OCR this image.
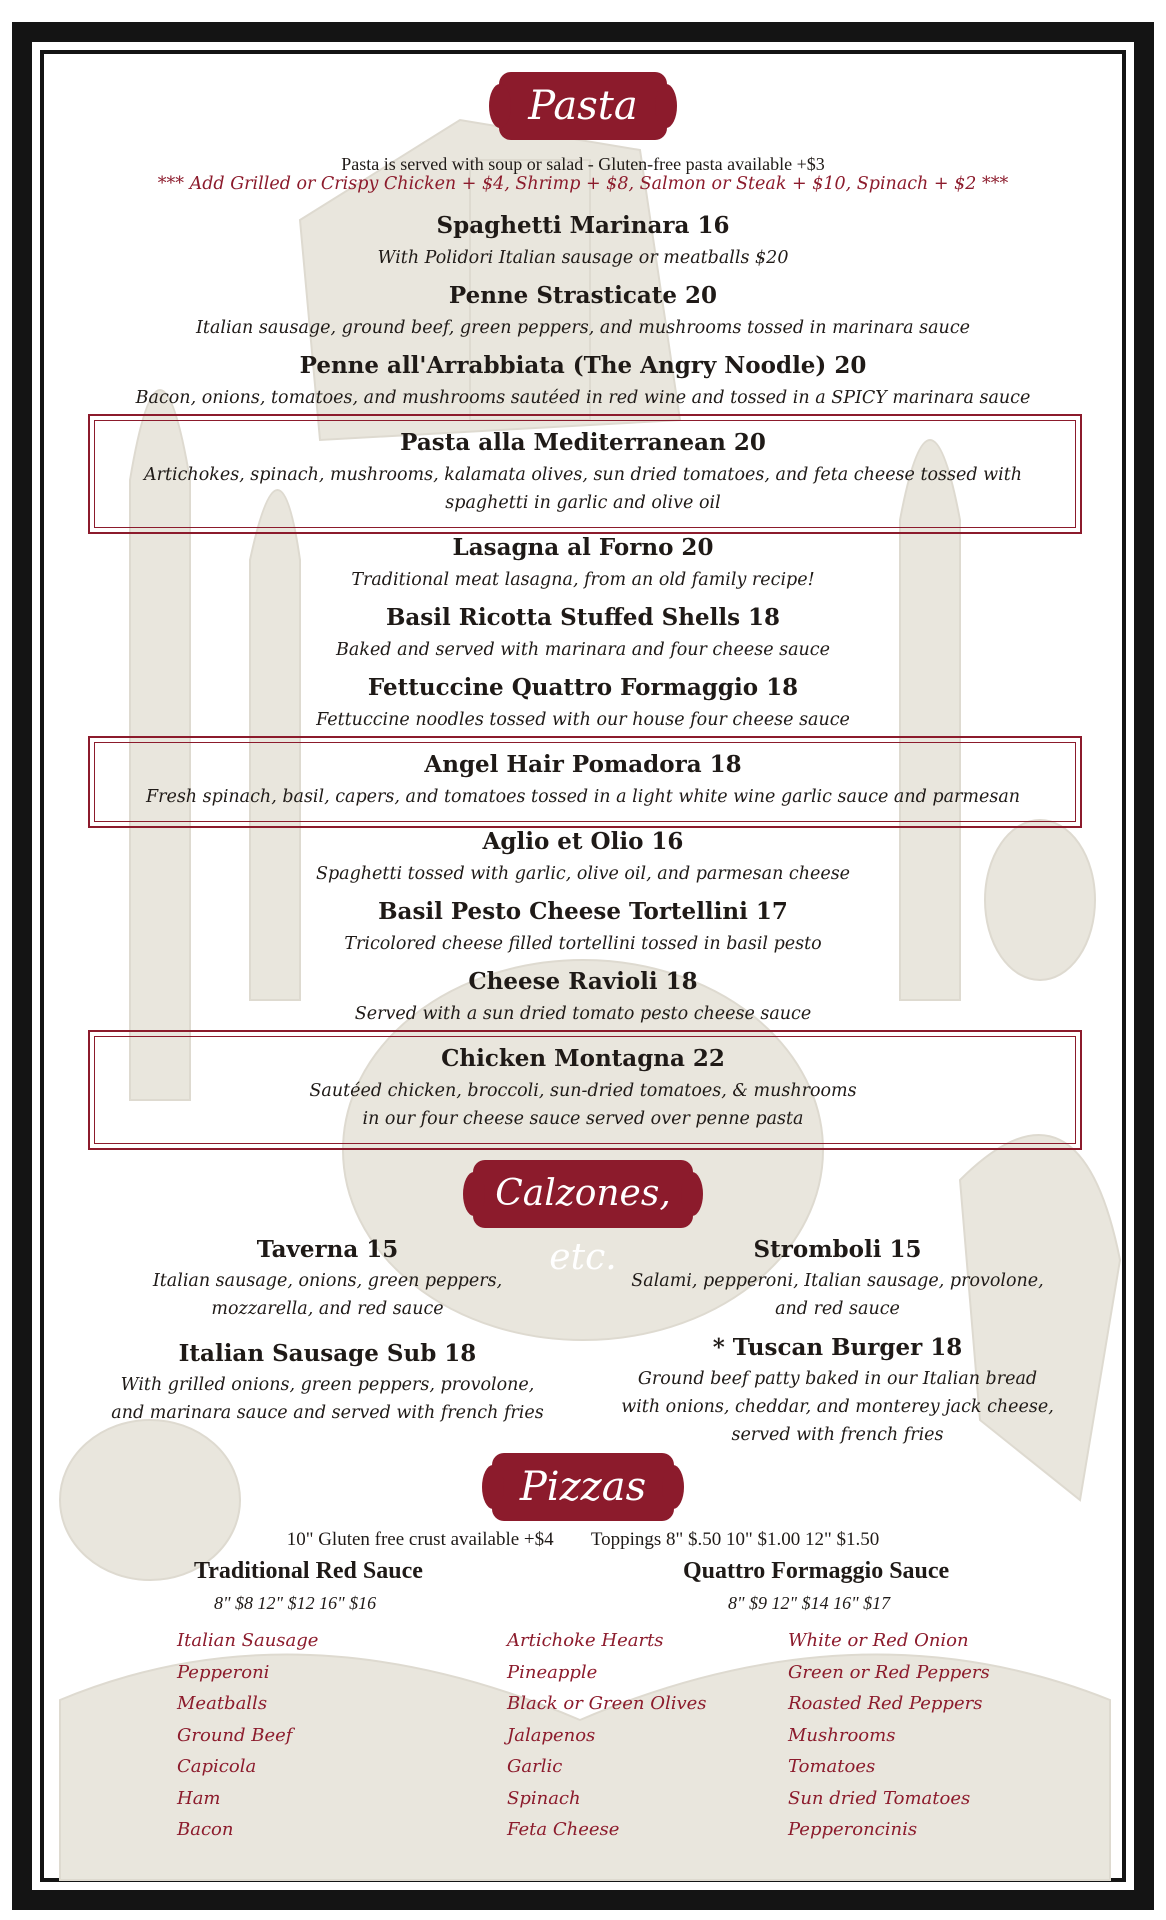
Pasta
Pasta is served with soup or salad - Gluten-free pasta available +$3
*** Add Grilled or Crispy Chicken + $4, Shrimp + $8, Salmon or Steak + $10, Spinach + $2 ***
Spaghetti Marinara 16
With Polidori Italian sausage or meatballs $20
Penne Strasticate 20
Italian sausage, ground beef, green peppers, and mushrooms tossed in marinara sauce
Penne all'Arrabbiata (The Angry Noodle) 20
Bacon, onions, tomatoes, and mushrooms sautéed in red wine and tossed in a SPICY marinara sauce
Pasta alla Mediterranean 20
Artichokes, spinach, mushrooms, kalamata olives, sun dried tomatoes, and feta cheese tossed with
spaghetti in garlic and olive oil
Lasagna al Forno 20
Traditional meat lasagna, from an old family recipe!
Basil Ricotta Stuffed Shells 18
Baked and served with marinara and four cheese sauce
Fettuccine Quattro Formaggio 18
Fettuccine noodles tossed with our house four cheese sauce
Angel Hair Pomadora 18
Fresh spinach, basil, capers, and tomatoes tossed in a light white wine garlic sauce and parmesan
Aglio et Olio 16
Spaghetti tossed with garlic, olive oil, and parmesan cheese
Basil Pesto Cheese Tortellini 17
Tricolored cheese filled tortellini tossed in basil pesto
Cheese Ravioli 18
Served with a sun dried tomato pesto cheese sauce
Chicken Montagna 22
Sautéed chicken, broccoli, sun-dried tomatoes, & mushrooms
in our four cheese sauce served over penne pasta
Calzones, etc.
Taverna 15
Italian sausage, onions, green peppers,
mozzarella, and red sauce
Stromboli 15
Salami, pepperoni, Italian sausage, provolone,
and red sauce
Italian Sausage Sub 18
With grilled onions, green peppers, provolone,
and marinara sauce and served with french fries
* Tuscan Burger 18
Ground beef patty baked in our Italian bread
with onions, cheddar, and monterey jack cheese,
served with french fries
Pizzas
10" Gluten free crust available +$4 Toppings 8" $.50 10" $1.00 12" $1.50
Traditional Red Sauce
8" $8 12" $12 16" $16
Quattro Formaggio Sauce
8" $9 12" $14 16" $17
Italian Sausage
Pepperoni
Meatballs
Ground Beef
Capicola
Ham
Bacon
Artichoke Hearts
Pineapple
Black or Green Olives
Jalapenos
Garlic
Spinach
Feta Cheese
White or Red Onion
Green or Red Peppers
Roasted Red Peppers
Mushrooms
Tomatoes
Sun dried Tomatoes
Pepperoncinis
